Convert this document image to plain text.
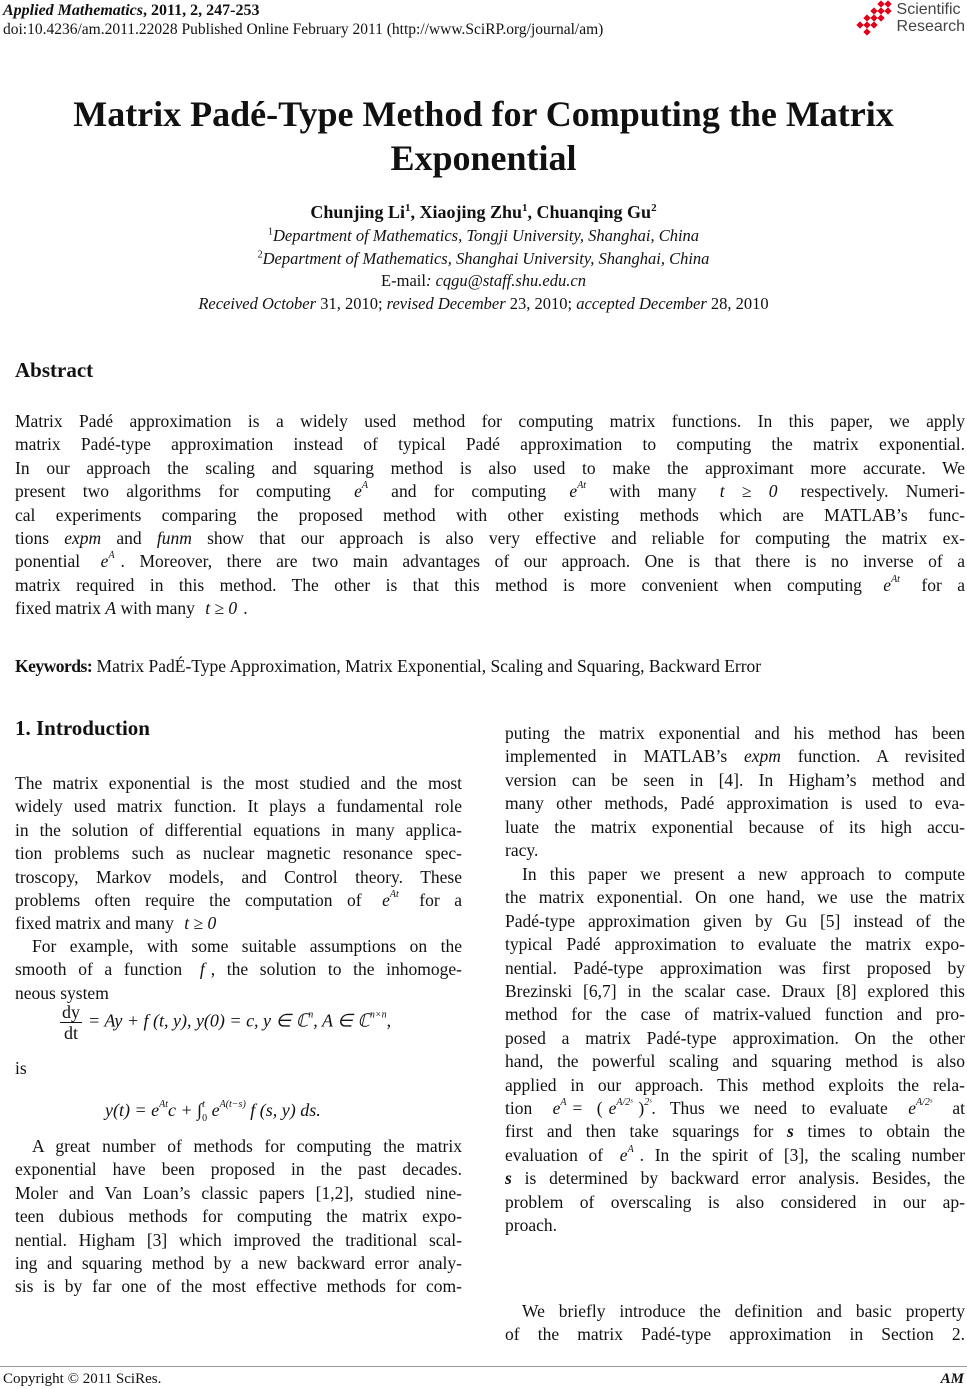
Applied Mathematics, 2011, 2, 247-253
doi:10.4236/am.2011.22028 Published Online February 2011 (http://www.SciRP.org/journal/am)
Scientific
Research
Matrix Padé-Type Method for Computing the Matrix
Exponential
Chunjing Li$^1$, Xiaojing Zhu$^1$, Chuanqing Gu$^2$
$^1$Department of Mathematics, Tongji University, Shanghai, China
$^2$Department of Mathematics, Shanghai University, Shanghai, China
E-mail: cqgu@staff.shu.edu.cn
Received October 31, 2010; revised December 23, 2010; accepted December 28, 2010
Abstract
Matrix Padé approximation is a widely used method for computing matrix functions. In this paper, we apply
matrix Padé-type approximation instead of typical Padé approximation to computing the matrix exponential.
In our approach the scaling and squaring method is also used to make the approximant more accurate. We
present two algorithms for computing $e^A$ and for computing $e^{At}$ with many t ≥ 0 respectively. Numeri-
cal experiments comparing the proposed method with other existing methods which are MATLAB’s func-
tions expm and funm show that our approach is also very effective and reliable for computing the matrix ex-
ponential $e^A$ . Moreover, there are two main advantages of our approach. One is that there is no inverse of a
matrix required in this method. The other is that this method is more convenient when computing $e^{At}$ for a
fixed matrix A with many t ≥ 0 .
Keywords: Matrix PadÉ-Type Approximation, Matrix Exponential, Scaling and Squaring, Backward Error
1. Introduction
The matrix exponential is the most studied and the most
widely used matrix function. It plays a fundamental role
in the solution of differential equations in many applica-
tion problems such as nuclear magnetic resonance spec-
troscopy, Markov models, and Control theory. These
problems often require the computation of $e^{At}$ for a
fixed matrix and many t ≥ 0
For example, with some suitable assumptions on the
smooth of a function f , the solution to the inhomoge-
neous system
$\frac{dy}{dt} = Ay + f$ (t, y), y(0) = c, y ∈ ℂ$^n$, A ∈ ℂ$^{n\times n}$,
is
$y(t) = e^{At}c$ + ∫ t
0 $e^{A(t-s)}$ f (s, y) ds.
A great number of methods for computing the matrix
exponential have been proposed in the past decades.
Moler and Van Loan’s classic papers [1,2], studied nine-
teen dubious methods for computing the matrix expo-
nential. Higham [3] which improved the traditional scal-
ing and squaring method by a new backward error analy-
sis is by far one of the most effective methods for com-
puting the matrix exponential and his method has been
implemented in MATLAB’s expm function. A revisited
version can be seen in [4]. In Higham’s method and
many other methods, Padé approximation is used to eva-
luate the matrix exponential because of its high accu-
racy.
In this paper we present a new approach to compute
the matrix exponential. On one hand, we use the matrix
Padé-type approximation given by Gu [5] instead of the
typical Padé approximation to evaluate the matrix expo-
nential. Padé-type approximation was first proposed by
Brezinski [6,7] in the scalar case. Draux [8] explored this
method for the case of matrix-valued function and pro-
posed a matrix Padé-type approximation. On the other
hand, the powerful scaling and squaring method is also
applied in our approach. This method exploits the rela-
tion $e^A$ = ( $e^{A/2ˢ}$ )$^{2ˢ}$. Thus we need to evaluate $e^{A/2ˢ}$ at
first and then take squarings for s times to obtain the
evaluation of $e^A$ . In the spirit of [3], the scaling number
s is determined by backward error analysis. Besides, the
problem of overscaling is also considered in our ap-
proach.
We briefly introduce the definition and basic property
of the matrix Padé-type approximation in Section 2.
Copyright © 2011 SciRes.	AM
